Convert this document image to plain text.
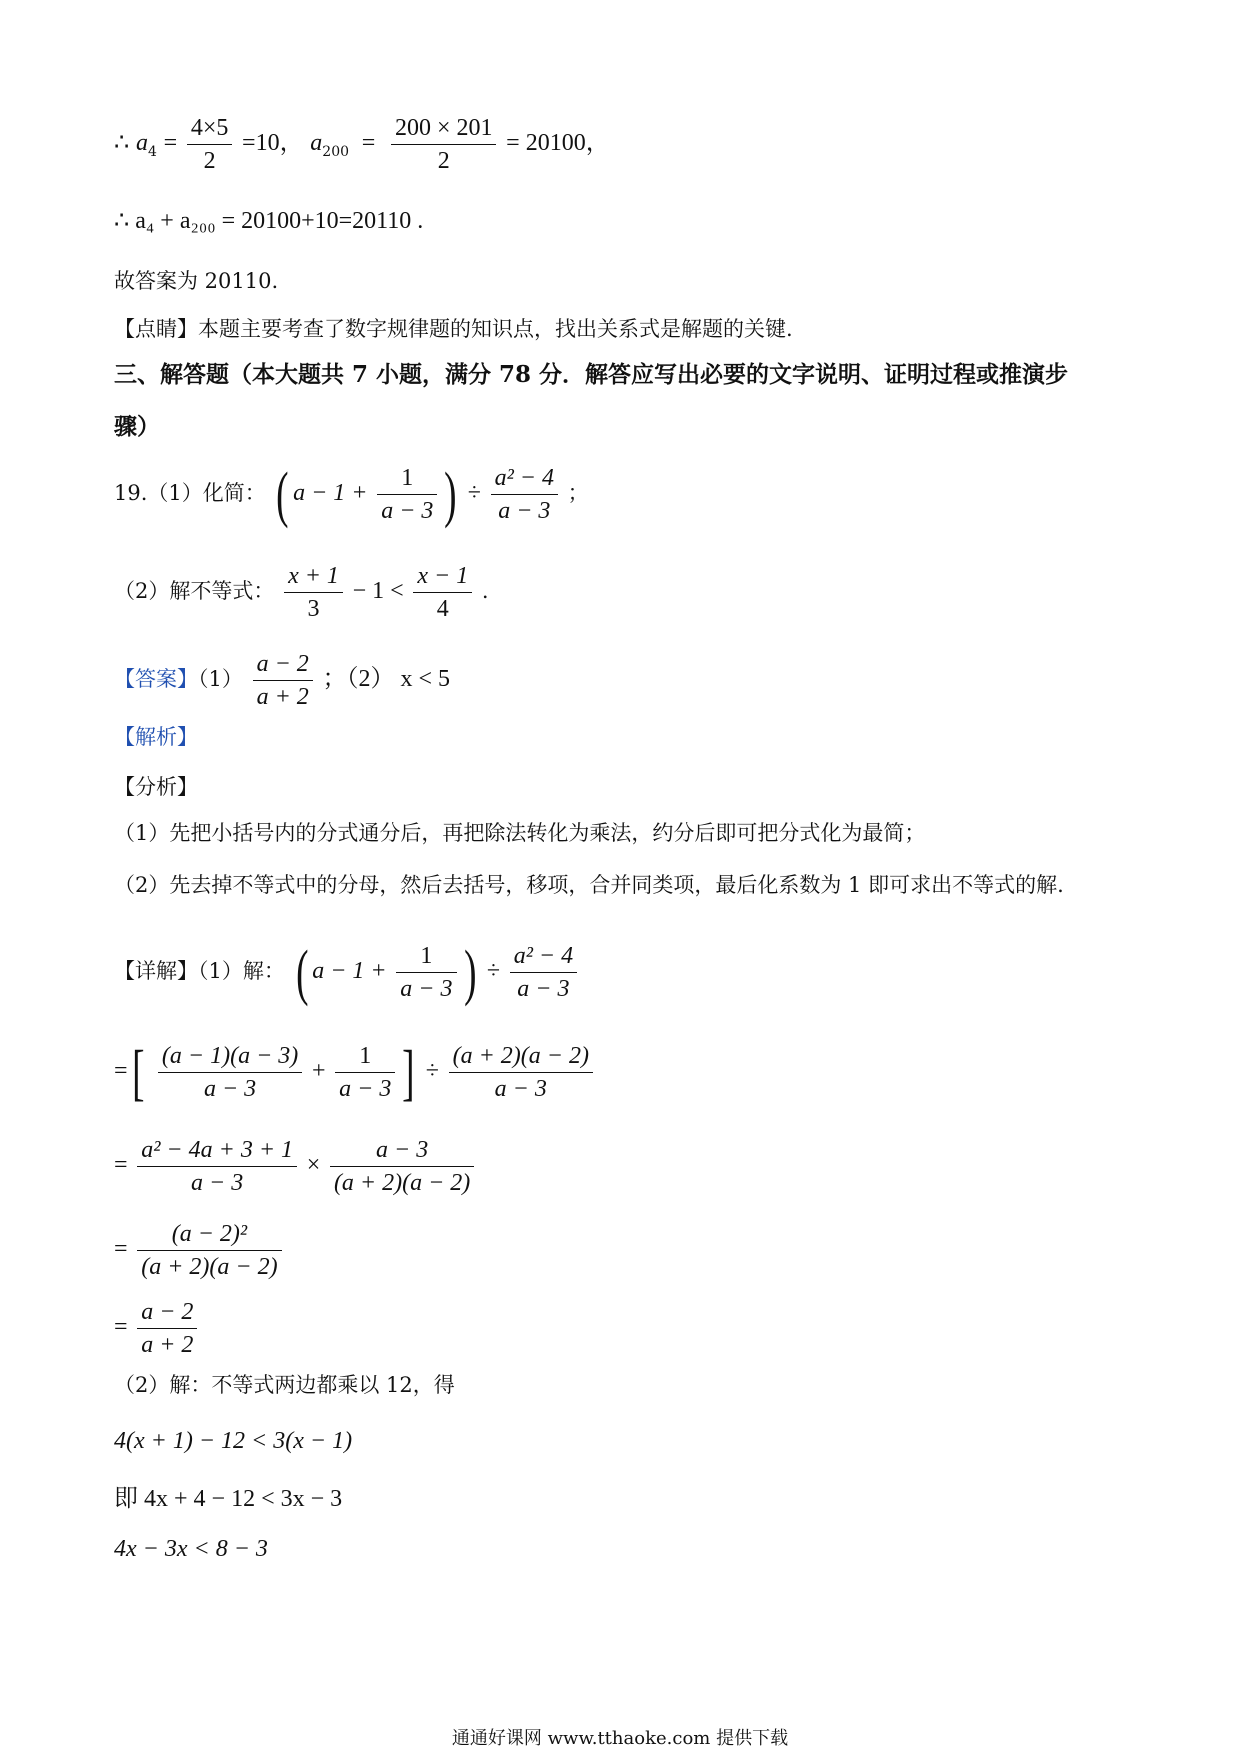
∴ $a_4 = \frac{4\times 5}{2} =10$， $a_{200} = \frac{200 \times 201}{2} = 20100$，
∴ a₄ + a₂₀₀ = 20100+10=20110 .
故答案为 20110.
【点睛】本题主要考查了数字规律题的知识点，找出关系式是解题的关键.
三、解答题（本大题共 7 小题，满分 78 分．解答应写出必要的文字说明、证明过程或推演步
骤）
19.（1）化简： ( $a - 1 + \frac{1}{a - 3}$ ) ÷ $\frac{\text{a² − 4}}{a - 3}$ ；
（2）解不等式： $\frac{x + 1}{3} - 1 < \frac{x - 1}{4}$ .
【答案】$(1) \frac{a - 2}{a + 2}$ ；（2） x < 5
【解析】
【分析】
（1）先把小括号内的分式通分后，再把除法转化为乘法，约分后即可把分式化为最简；
（2）先去掉不等式中的分母，然后去括号，移项，合并同类项，最后化系数为 1 即可求出不等式的解.
【详解】（1）解： ( $a - 1 + \frac{1}{a - 3}$ ) ÷ $\frac{\text{a² − 4}}{a - 3}$
=[ $\frac{(a - 1)(a - 3)}{a - 3} + \frac{1}{a - 3}$ ] ÷ $\frac{(a + 2)(a - 2)}{a - 3}$
= $\frac{\text{a² − 4a + 3 + 1}}{a - 3} \times \frac{a - 3}{(a + 2)(a - 2)}$
= $\frac{\text{(a − 2)²}}{(a + 2)(a - 2)}$
= $\frac{a - 2}{a + 2}$
（2）解：不等式两边都乘以 12，得
4(x + 1) − 12 < 3(x − 1)
即 4x + 4 − 12 < 3x − 3
4x − 3x < 8 − 3
通通好课网 www.tthaoke.com 提供下载
